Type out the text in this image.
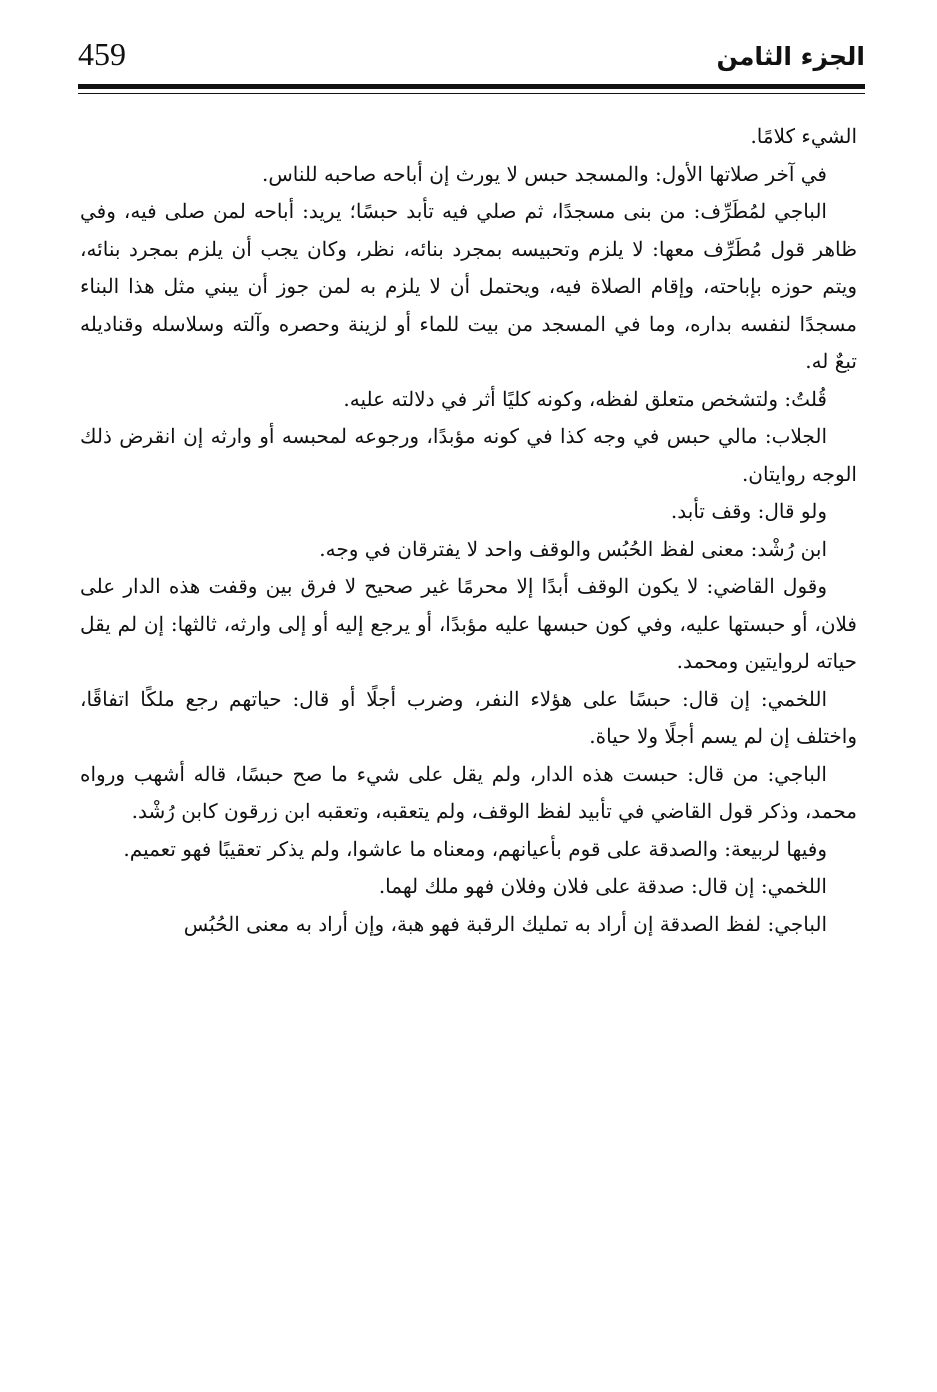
459	الجزء الثامن

الشيء كلامًا.

في آخر صلاتها الأول: والمسجد حبس لا يورث إن أباحه صاحبه للناس.

الباجي لمُطَرِّف: من بنى مسجدًا، ثم صلي فيه تأبد حبسًا؛ يريد: أباحه لمن صلى فيه، وفي ظاهر قول مُطَرِّف معها: لا يلزم وتحبيسه بمجرد بنائه، نظر، وكان يجب أن يلزم بمجرد بنائه، ويتم حوزه بإباحته، وإقام الصلاة فيه، ويحتمل أن لا يلزم به لمن جوز أن يبني مثل هذا البناء مسجدًا لنفسه بداره، وما في المسجد من بيت للماء أو لزينة وحصره وآلته وسلاسله وقناديله تبعٌ له.

قُلتُ: ولتشخص متعلق لفظه، وكونه كليًا أثر في دلالته عليه.

الجلاب: مالي حبس في وجه كذا في كونه مؤبدًا، ورجوعه لمحبسه أو وارثه إن انقرض ذلك الوجه روايتان.

ولو قال: وقف تأبد.

ابن رُشْد: معنى لفظ الحُبُس والوقف واحد لا يفترقان في وجه.

وقول القاضي: لا يكون الوقف أبدًا إلا محرمًا غير صحيح لا فرق بين وقفت هذه الدار على فلان، أو حبستها عليه، وفي كون حبسها عليه مؤبدًا، أو يرجع إليه أو إلى وارثه، ثالثها: إن لم يقل حياته لروايتين ومحمد.

اللخمي: إن قال: حبسًا على هؤلاء النفر، وضرب أجلًا أو قال: حياتهم رجع ملكًا اتفاقًا، واختلف إن لم يسم أجلًا ولا حياة.

الباجي: من قال: حبست هذه الدار، ولم يقل على شيء ما صح حبسًا، قاله أشهب ورواه محمد، وذكر قول القاضي في تأبيد لفظ الوقف، ولم يتعقبه، وتعقبه ابن زرقون كابن رُشْد.

وفيها لربيعة: والصدقة على قوم بأعيانهم، ومعناه ما عاشوا، ولم يذكر تعقيبًا فهو تعميم.

اللخمي: إن قال: صدقة على فلان وفلان فهو ملك لهما.

الباجي: لفظ الصدقة إن أراد به تمليك الرقبة فهو هبة، وإن أراد به معنى الحُبُس
